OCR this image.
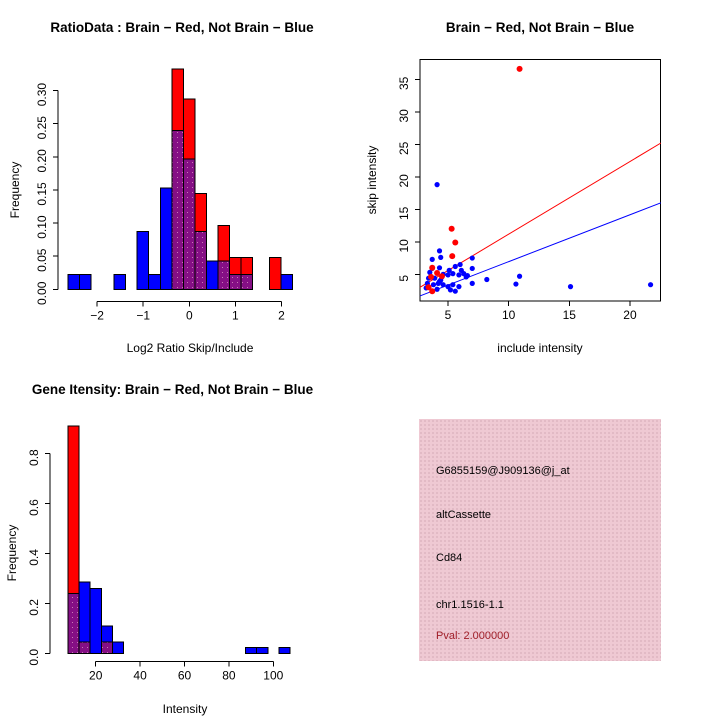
0.00
0.05
0.10
0.15
0.20
0.25
0.30
−2	−1	0	1	2	5	10	15	20
5
10
15
20
25
30
35
0.0
0.2
0.4
0.6
0.8
20	40	60	80 100
RatioData : Brain − Red, Not Brain − Blue	Brain − Red, Not Brain − Blue
Gene Itensity: Brain − Red, Not Brain − Blue
Log2 Ratio Skip/Include	include intensity
Intensity
Frequency	skip intensity
Frequency
G6855159@J909136@j_at
altCassette
Cd84
chr1.1516-1.1
Pval: 2.000000
